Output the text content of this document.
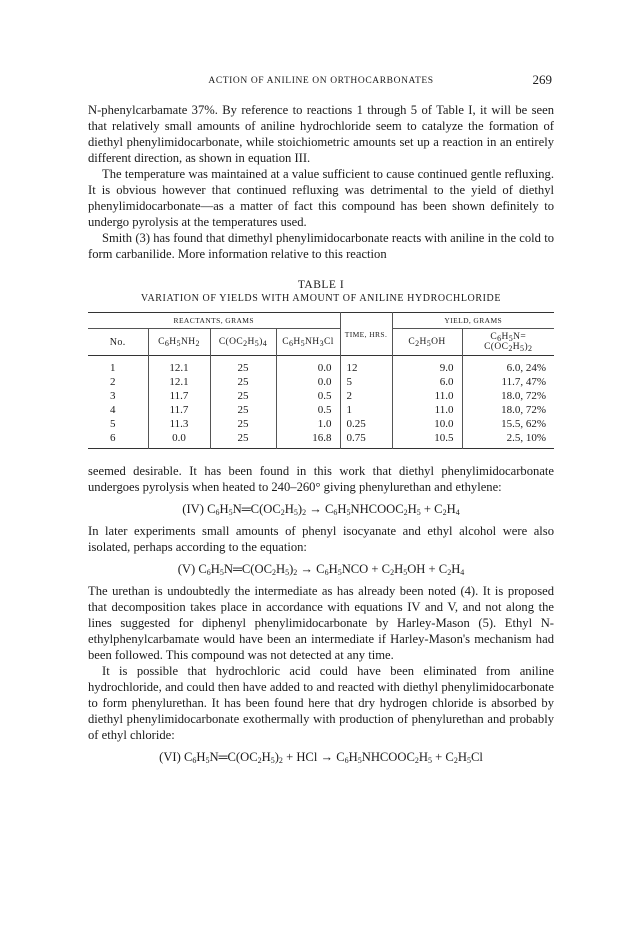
ACTION OF ANILINE ON ORTHOCARBONATES	269

N-phenylcarbamate 37%. By reference to reactions 1 through 5 of Table I, it will be seen that relatively small amounts of aniline hydrochloride seem to catalyze the formation of diethyl phenylimidocarbonate, while stoichiometric amounts set up a reaction in an entirely different direction, as shown in equation III.

The temperature was maintained at a value sufficient to cause continued gentle refluxing. It is obvious however that continued refluxing was detrimental to the yield of diethyl phenylimidocarbonate—as a matter of fact this compound has been shown definitely to undergo pyrolysis at the temperatures used.

Smith (3) has found that dimethyl phenylimidocarbonate reacts with aniline in the cold to form carbanilide. More information relative to this reaction

TABLE I
VARIATION OF YIELDS WITH AMOUNT OF ANILINE HYDROCHLORIDE
REACTANTS, GRAMS				TIME, HRS.	YIELD, GRAMS	
No.	$C_6H_5NH_2$	$C(OC_2H_5)_4$	$C_6H_5NH_3Cl$		$C_2H_5OH$	$C_6H_5N=$
$C(OC_2H_5)_2$
1	12.1	25	0.0	12	9.0	6.0, 24%
2	12.1	25	0.0	5	6.0	11.7, 47%
3	11.7	25	0.5	2	11.0	18.0, 72%
4	11.7	25	0.5	1	11.0	18.0, 72%
5	11.3	25	1.0	0.25	10.0	15.5, 62%
6	0.0	25	16.8	0.75	10.5	2.5, 10%

seemed desirable. It has been found in this work that diethyl phenylimidocarbonate undergoes pyrolysis when heated to 240–260° giving phenylurethan and ethylene:

(IV) $C_6H_5N═C(OC_2H_5)_2$ → $C_6H_5NHCOOC_2H_5 + C_2H_4$

In later experiments small amounts of phenyl isocyanate and ethyl alcohol were also isolated, perhaps according to the equation:

(V) $C_6H_5N═C(OC_2H_5)_2 \to C_6H_5NCO + C_2H_5OH + C_2H_4$

The urethan is undoubtedly the intermediate as has already been noted (4). It is proposed that decomposition takes place in accordance with equations IV and V, and not along the lines suggested for diphenyl phenylimidocarbonate by Harley-Mason (5). Ethyl N-ethylphenylcarbamate would have been an intermediate if Harley-Mason's mechanism had been followed. This compound was not detected at any time.

It is possible that hydrochloric acid could have been eliminated from aniline hydrochloride, and could then have added to and reacted with diethyl phenylimidocarbonate to form phenylurethan. It has been found here that dry hydrogen chloride is absorbed by diethyl phenylimidocarbonate exothermally with production of phenylurethan and probably of ethyl chloride:

(VI) $C_6H_5N═C(OC_2H_5)_2$ + HCl → $C_6H_5NHCOOC_2H_5 + C_2H_5Cl$
